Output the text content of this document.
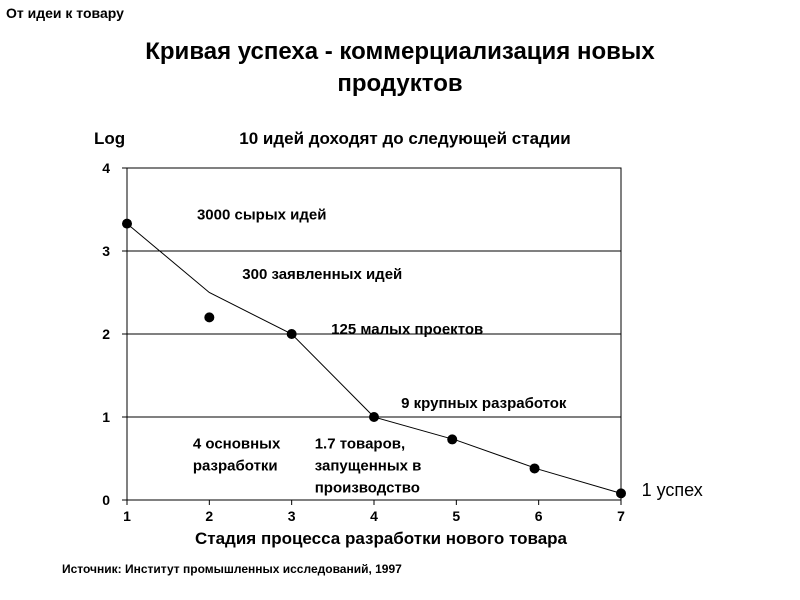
От идеи к товару
Кривая успеха - коммерциализация новых
продуктов
0
1
2
3
4
1	2	3	4	5	6	7
3000 сырых идей
300 заявленных идей
125 малых проектов
9 крупных разработок
4 основных разработки
1.7 товаров, запущенных в производство	1 успех
Log	10 идей доходят до следующей стадии
Стадия процесса разработки нового товара
Источник: Институт промышленных исследований, 1997
